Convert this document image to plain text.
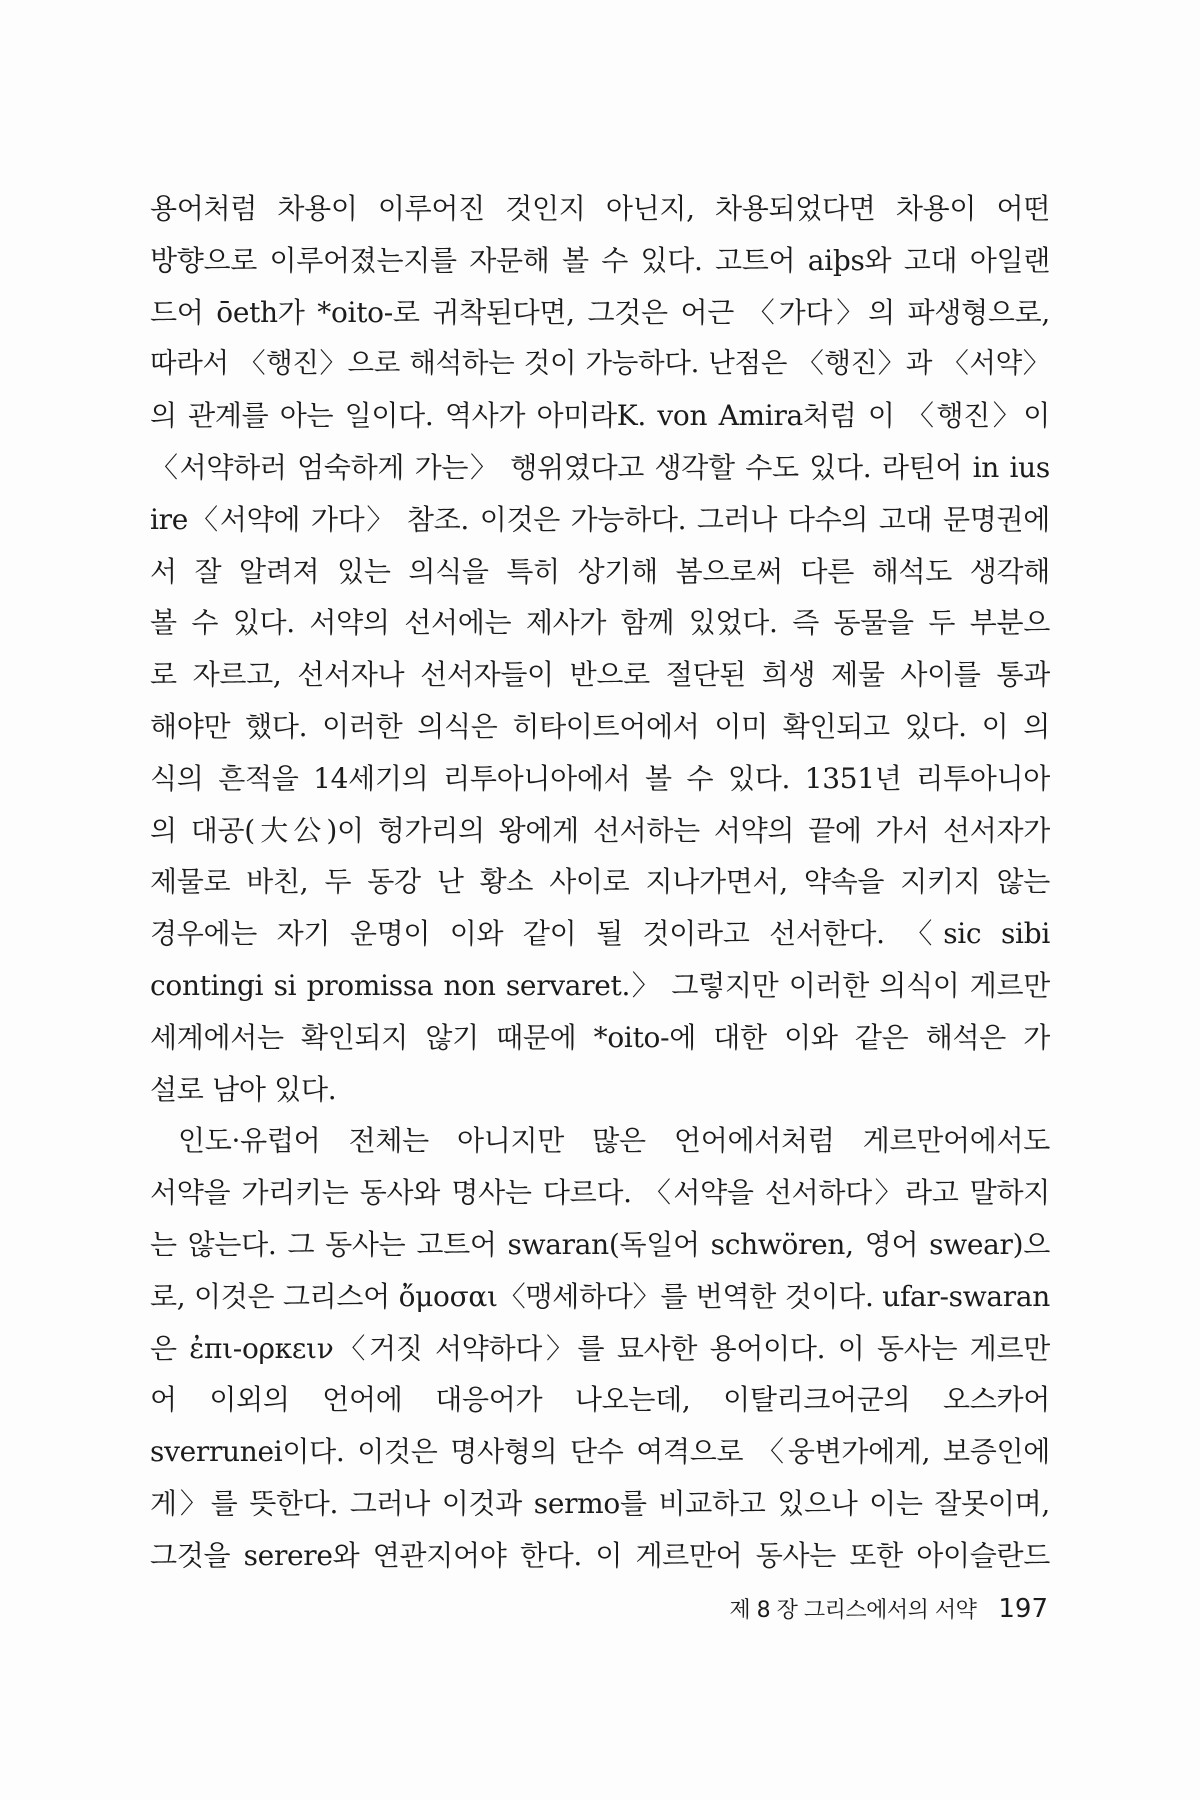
용어처럼 차용이 이루어진 것인지 아닌지, 차용되었다면 차용이 어떤
방향으로 이루어졌는지를 자문해 볼 수 있다. 고트어 aiþs와 고대 아일랜
드어 ōeth가 *oito-로 귀착된다면, 그것은 어근 〈가다〉의 파생형으로,
따라서 〈행진〉으로 해석하는 것이 가능하다. 난점은 〈행진〉과 〈서약〉
의 관계를 아는 일이다. 역사가 아미라K. von Amira처럼 이 〈행진〉이
〈서약하러 엄숙하게 가는〉 행위였다고 생각할 수도 있다. 라틴어 in ius
ire〈서약에 가다〉 참조. 이것은 가능하다. 그러나 다수의 고대 문명권에
서 잘 알려져 있는 의식을 특히 상기해 봄으로써 다른 해석도 생각해
볼 수 있다. 서약의 선서에는 제사가 함께 있었다. 즉 동물을 두 부분으
로 자르고, 선서자나 선서자들이 반으로 절단된 희생 제물 사이를 통과
해야만 했다. 이러한 의식은 히타이트어에서 이미 확인되고 있다. 이 의
식의 흔적을 14세기의 리투아니아에서 볼 수 있다. 1351년 리투아니아
의 대공(大公)이 헝가리의 왕에게 선서하는 서약의 끝에 가서 선서자가
제물로 바친, 두 동강 난 황소 사이로 지나가면서, 약속을 지키지 않는
경우에는 자기 운명이 이와 같이 될 것이라고 선서한다. 〈sic sibi
contingi si promissa non servaret.〉 그렇지만 이러한 의식이 게르만
세계에서는 확인되지 않기 때문에 *oito-에 대한 이와 같은 해석은 가
설로 남아 있다.
인도·유럽어 전체는 아니지만 많은 언어에서처럼 게르만어에서도
서약을 가리키는 동사와 명사는 다르다. 〈서약을 선서하다〉라고 말하지
는 않는다. 그 동사는 고트어 swaran(독일어 schwören, 영어 swear)으
로, 이것은 그리스어 ὄμοσαι〈맹세하다〉를 번역한 것이다. ufar-swaran
은 ἐπι-ορκειν〈거짓 서약하다〉를 묘사한 용어이다. 이 동사는 게르만
어 이외의 언어에 대응어가 나오는데, 이탈리크어군의 오스카어
sverrunei이다. 이것은 명사형의 단수 여격으로 〈웅변가에게, 보증인에
게〉를 뜻한다. 그러나 이것과 sermo를 비교하고 있으나 이는 잘못이며,
그것을 serere와 연관지어야 한다. 이 게르만어 동사는 또한 아이슬란드
제 8 장 그리스에서의 서약 197
